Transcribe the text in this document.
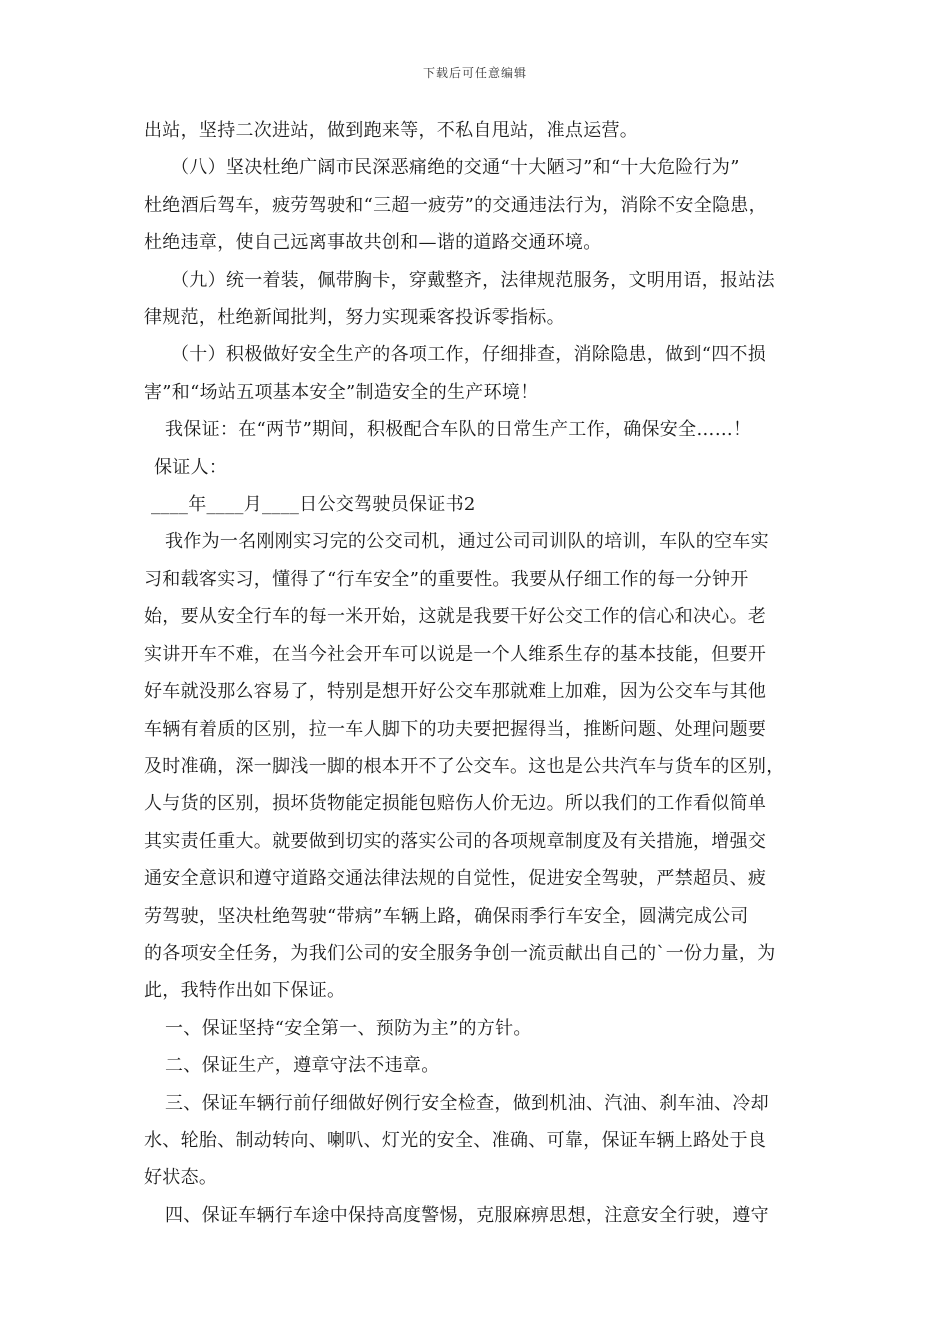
下载后可任意编辑

出站，坚持二次进站，做到跑来等，不私自甩站，准点运营。

（八）坚决杜绝广阔市民深恶痛绝的交通“十大陋习”和“十大危险行为”

杜绝酒后驾车，疲劳驾驶和“三超一疲劳”的交通违法行为，消除不安全隐患，

杜绝违章，使自己远离事故共创和—谐的道路交通环境。

（九）统一着装，佩带胸卡，穿戴整齐，法律规范服务，文明用语，报站法

律规范，杜绝新闻批判，努力实现乘客投诉零指标。

（十）积极做好安全生产的各项工作，仔细排查，消除隐患，做到“四不损

害”和“场站五项基本安全”制造安全的生产环境！

我保证：在“两节”期间，积极配合车队的日常生产工作，确保安全……！

保证人：

____年____月____日公交驾驶员保证书2

我作为一名刚刚实习完的公交司机，通过公司司训队的培训，车队的空车实

习和载客实习，懂得了“行车安全”的重要性。我要从仔细工作的每一分钟开

始，要从安全行车的每一米开始，这就是我要干好公交工作的信心和决心。老

实讲开车不难，在当今社会开车可以说是一个人维系生存的基本技能，但要开

好车就没那么容易了，特别是想开好公交车那就难上加难，因为公交车与其他

车辆有着质的区别，拉一车人脚下的功夫要把握得当，推断问题、处理问题要

及时准确，深一脚浅一脚的根本开不了公交车。这也是公共汽车与货车的区别，

人与货的区别，损坏货物能定损能包赔伤人价无边。所以我们的工作看似简单

其实责任重大。就要做到切实的落实公司的各项规章制度及有关措施，增强交

通安全意识和遵守道路交通法律法规的自觉性，促进安全驾驶，严禁超员、疲

劳驾驶，坚决杜绝驾驶“带病”车辆上路，确保雨季行车安全，圆满完成公司

的各项安全任务，为我们公司的安全服务争创一流贡献出自己的`一份力量，为

此，我特作出如下保证。

一、保证坚持“安全第一、预防为主”的方针。

二、保证生产，遵章守法不违章。

三、保证车辆行前仔细做好例行安全检查，做到机油、汽油、刹车油、冷却

水、轮胎、制动转向、喇叭、灯光的安全、准确、可靠，保证车辆上路处于良

好状态。

四、保证车辆行车途中保持高度警惕，克服麻痹思想，注意安全行驶，遵守
